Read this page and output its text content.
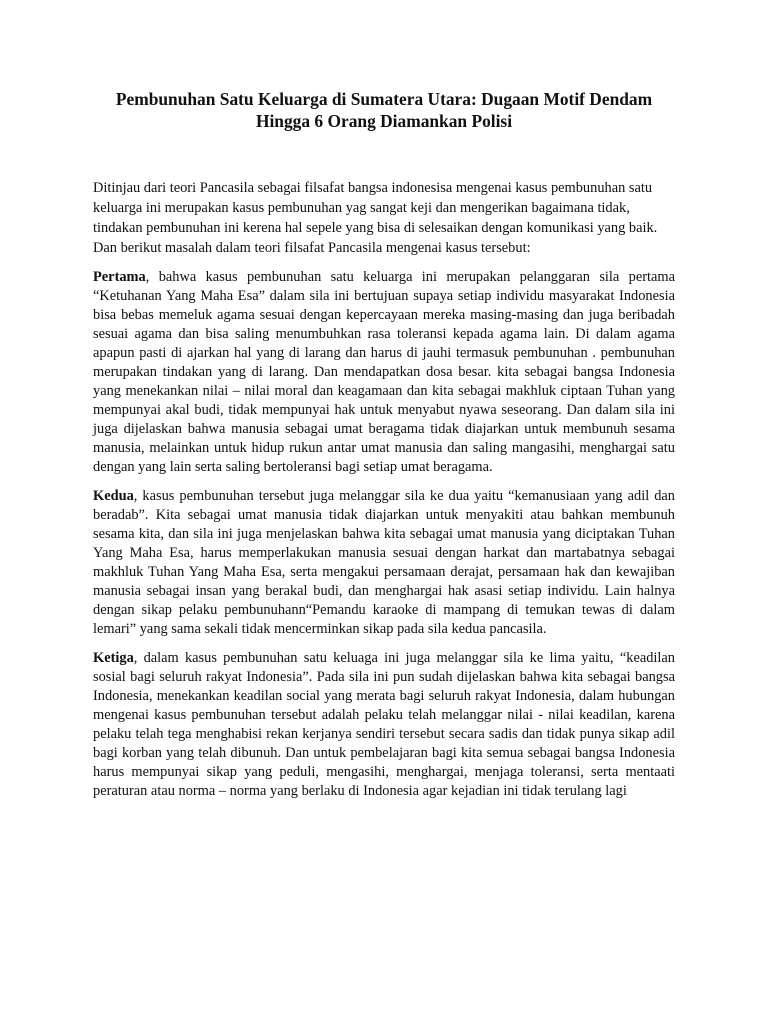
Pembunuhan Satu Keluarga di Sumatera Utara: Dugaan Motif Dendam Hingga 6 Orang Diamankan Polisi

Ditinjau dari teori Pancasila sebagai filsafat bangsa indonesisa mengenai kasus pembunuhan satu keluarga ini merupakan kasus pembunuhan yag sangat keji dan mengerikan bagaimana tidak, tindakan pembunuhan ini kerena hal sepele yang bisa di selesaikan dengan komunikasi yang baik. Dan berikut masalah dalam teori filsafat Pancasila mengenai kasus tersebut:

Pertama, bahwa kasus pembunuhan satu keluarga ini merupakan pelanggaran sila pertama “Ketuhanan Yang Maha Esa” dalam sila ini bertujuan supaya setiap individu masyarakat Indonesia bisa bebas memeluk agama sesuai dengan kepercayaan mereka masing-masing dan juga beribadah sesuai agama dan bisa saling menumbuhkan rasa toleransi kepada agama lain. Di dalam agama apapun pasti di ajarkan hal yang di larang dan harus di jauhi termasuk pembunuhan . pembunuhan merupakan tindakan yang di larang. Dan mendapatkan dosa besar. kita sebagai bangsa Indonesia yang menekankan nilai – nilai moral dan keagamaan dan kita sebagai makhluk ciptaan Tuhan yang mempunyai akal budi, tidak mempunyai hak untuk menyabut nyawa seseorang. Dan dalam sila ini juga dijelaskan bahwa manusia sebagai umat beragama tidak diajarkan untuk membunuh sesama manusia, melainkan untuk hidup rukun antar umat manusia dan saling mangasihi, menghargai satu dengan yang lain serta saling bertoleransi bagi setiap umat beragama.

Kedua, kasus pembunuhan tersebut juga melanggar sila ke dua yaitu “kemanusiaan yang adil dan beradab”. Kita sebagai umat manusia tidak diajarkan untuk menyakiti atau bahkan membunuh sesama kita, dan sila ini juga menjelaskan bahwa kita sebagai umat manusia yang diciptakan Tuhan Yang Maha Esa, harus memperlakukan manusia sesuai dengan harkat dan martabatnya sebagai makhluk Tuhan Yang Maha Esa, serta mengakui persamaan derajat, persamaan hak dan kewajiban manusia sebagai insan yang berakal budi, dan menghargai hak asasi setiap individu. Lain halnya dengan sikap pelaku pembunuhann“Pemandu karaoke di mampang di temukan tewas di dalam lemari” yang sama sekali tidak mencerminkan sikap pada sila kedua pancasila.

Ketiga, dalam kasus pembunuhan satu keluaga ini juga melanggar sila ke lima yaitu, “keadilan sosial bagi seluruh rakyat Indonesia”. Pada sila ini pun sudah dijelaskan bahwa kita sebagai bangsa Indonesia, menekankan keadilan social yang merata bagi seluruh rakyat Indonesia, dalam hubungan mengenai kasus pembunuhan tersebut adalah pelaku telah melanggar nilai - nilai keadilan, karena pelaku telah tega menghabisi rekan kerjanya sendiri tersebut secara sadis dan tidak punya sikap adil bagi korban yang telah dibunuh. Dan untuk pembelajaran bagi kita semua sebagai bangsa Indonesia harus mempunyai sikap yang peduli, mengasihi, menghargai, menjaga toleransi, serta mentaati peraturan atau norma – norma yang berlaku di Indonesia agar kejadian ini tidak terulang lagi
